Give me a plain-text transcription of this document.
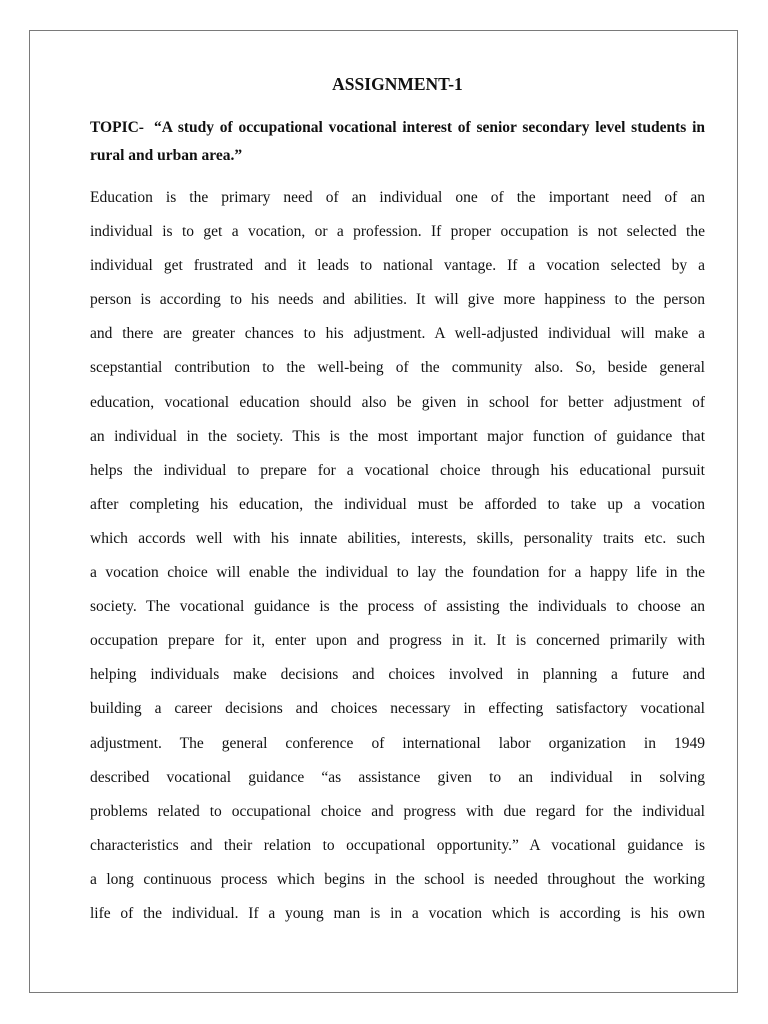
ASSIGNMENT-1
TOPIC- “A study of occupational vocational interest of senior secondary level students in rural and urban area.”
Education is the primary need of an individual one of the important need of an
individual is to get a vocation, or a profession. If proper occupation is not selected the
individual get frustrated and it leads to national vantage. If a vocation selected by a
person is according to his needs and abilities. It will give more happiness to the person
and there are greater chances to his adjustment. A well-adjusted individual will make a
scepstantial contribution to the well-being of the community also. So, beside general
education, vocational education should also be given in school for better adjustment of
an individual in the society. This is the most important major function of guidance that
helps the individual to prepare for a vocational choice through his educational pursuit
after completing his education, the individual must be afforded to take up a vocation
which accords well with his innate abilities, interests, skills, personality traits etc. such
a vocation choice will enable the individual to lay the foundation for a happy life in the
society. The vocational guidance is the process of assisting the individuals to choose an
occupation prepare for it, enter upon and progress in it. It is concerned primarily with
helping individuals make decisions and choices involved in planning a future and
building a career decisions and choices necessary in effecting satisfactory vocational
adjustment. The general conference of international labor organization in 1949
described vocational guidance “as assistance given to an individual in solving
problems related to occupational choice and progress with due regard for the individual
characteristics and their relation to occupational opportunity.” A vocational guidance is
a long continuous process which begins in the school is needed throughout the working
life of the individual. If a young man is in a vocation which is according is his own
